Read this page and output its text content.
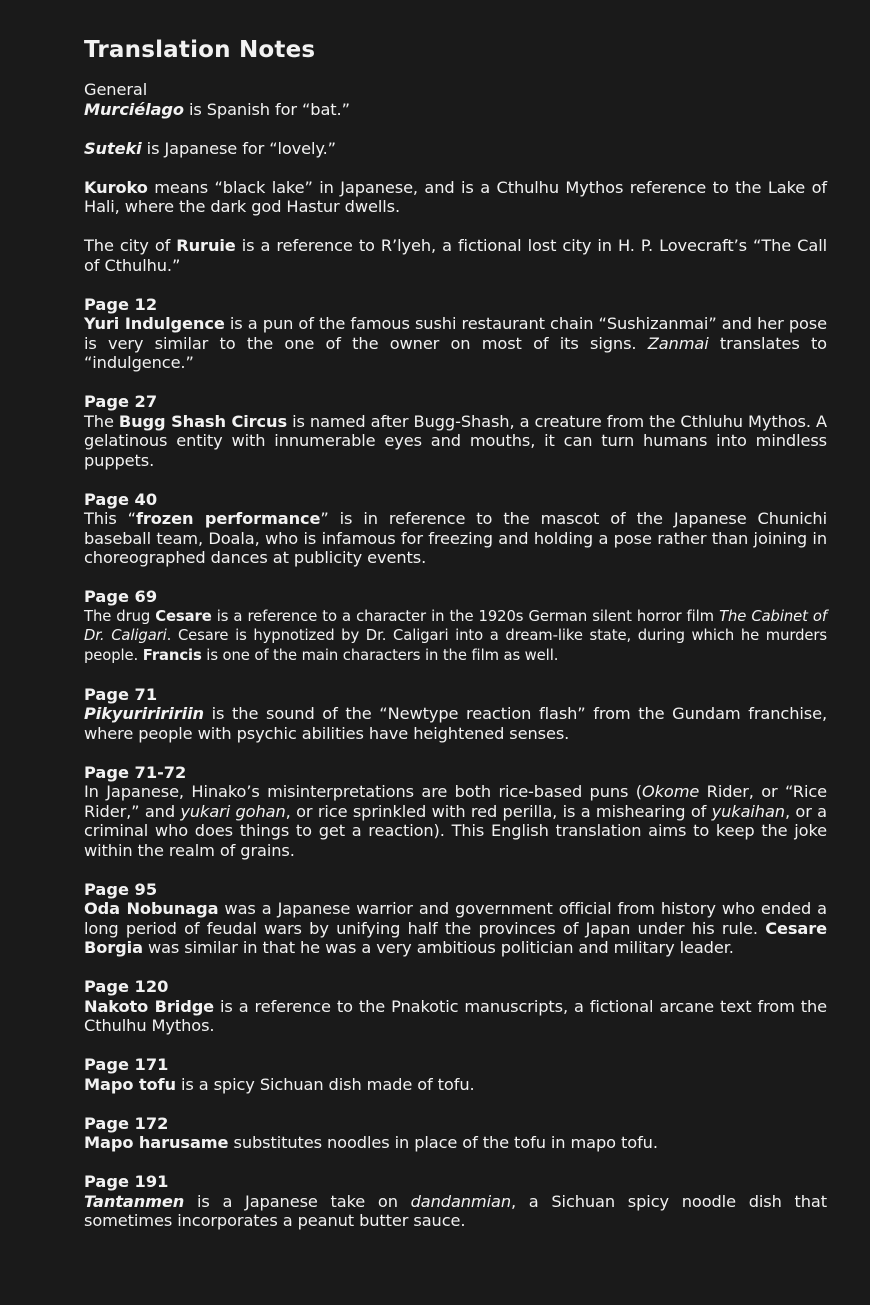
Translation Notes
General
Murciélago is Spanish for “bat.”
Suteki is Japanese for “lovely.”
Kuroko means “black lake” in Japanese, and is a Cthulhu Mythos reference to the Lake of Hali, where the dark god Hastur dwells.
The city of Ruruie is a reference to R’lyeh, a fictional lost city in H. P. Lovecraft’s “The Call of Cthulhu.”
Page 12
Yuri Indulgence is a pun of the famous sushi restaurant chain “Sushizanmai” and her pose is very similar to the one of the owner on most of its signs. Zanmai translates to “indulgence.”
Page 27
The Bugg Shash Circus is named after Bugg-Shash, a creature from the Cthluhu Mythos. A gelatinous entity with innumerable eyes and mouths, it can turn humans into mindless puppets.
Page 40
This “frozen performance” is in reference to the mascot of the Japanese Chunichi baseball team, Doala, who is infamous for freezing and holding a pose rather than joining in choreographed dances at publicity events.
Page 69
The drug Cesare is a reference to a character in the 1920s German silent horror film The Cabinet of Dr. Caligari. Cesare is hypnotized by Dr. Caligari into a dream-like state, during which he murders people. Francis is one of the main characters in the film as well.
Page 71
Pikyuririririin is the sound of the “Newtype reaction flash” from the Gundam franchise, where people with psychic abilities have heightened senses.
Page 71-72
In Japanese, Hinako’s misinterpretations are both rice-based puns (Okome Rider, or “Rice Rider,” and yukari gohan, or rice sprinkled with red perilla, is a mishearing of yukaihan, or a criminal who does things to get a reaction). This English translation aims to keep the joke within the realm of grains.
Page 95
Oda Nobunaga was a Japanese warrior and government official from history who ended a long period of feudal wars by unifying half the provinces of Japan under his rule. Cesare Borgia was similar in that he was a very ambitious politician and military leader.
Page 120
Nakoto Bridge is a reference to the Pnakotic manuscripts, a fictional arcane text from the Cthulhu Mythos.
Page 171
Mapo tofu is a spicy Sichuan dish made of tofu.
Page 172
Mapo harusame substitutes noodles in place of the tofu in mapo tofu.
Page 191
Tantanmen is a Japanese take on dandanmian, a Sichuan spicy noodle dish that sometimes incorporates a peanut butter sauce.
